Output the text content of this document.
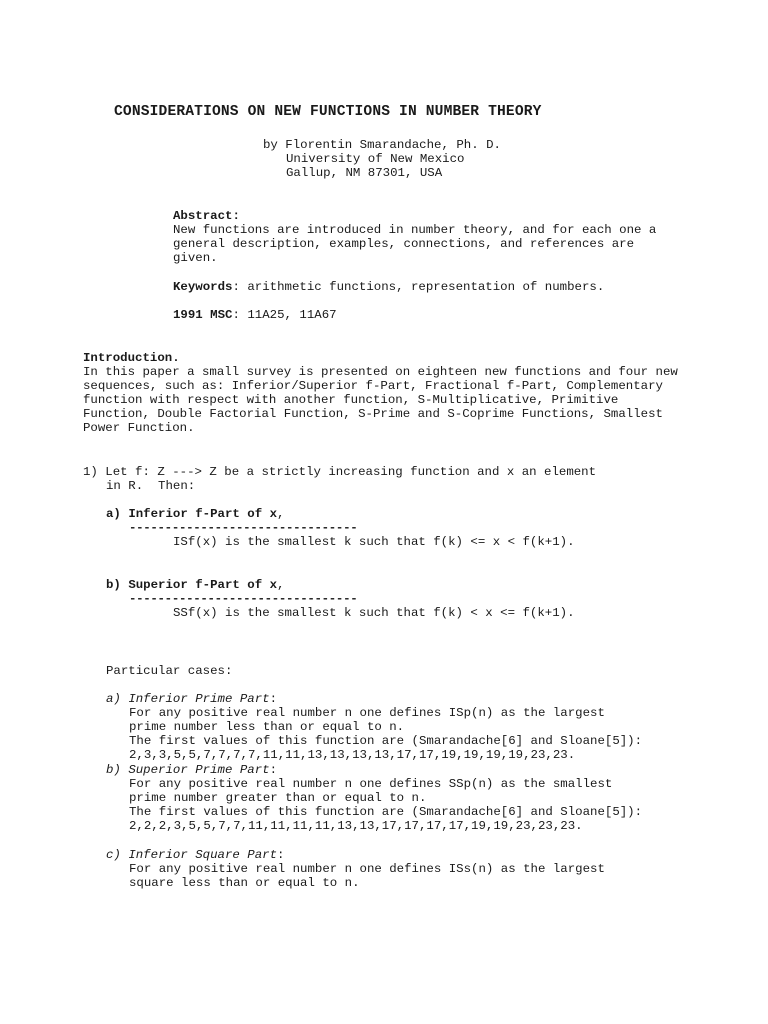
CONSIDERATIONS ON NEW FUNCTIONS IN NUMBER THEORY
by Florentin Smarandache, Ph. D.
University of New Mexico
Gallup, NM 87301, USA
Abstract:
New functions are introduced in number theory, and for each one a
general description, examples, connections, and references are
given.
Keywords: arithmetic functions, representation of numbers.
1991 MSC: 11A25, 11A67
Introduction.
In this paper a small survey is presented on eighteen new functions and four new
sequences, such as: Inferior/Superior f-Part, Fractional f-Part, Complementary
function with respect with another function, S-Multiplicative, Primitive
Function, Double Factorial Function, S-Prime and S-Coprime Functions, Smallest
Power Function.
1) Let f: Z ---> Z be a strictly increasing function and x an element
in R.  Then:
a) Inferior f-Part of x,
--------------------------------
ISf(x) is the smallest k such that f(k) <= x < f(k+1).
b) Superior f-Part of x,
--------------------------------
SSf(x) is the smallest k such that f(k) < x <= f(k+1).
Particular cases:
a) Inferior Prime Part:
For any positive real number n one defines ISp(n) as the largest
prime number less than or equal to n.
The first values of this function are (Smarandache[6] and Sloane[5]):
2,3,3,5,5,7,7,7,7,11,11,13,13,13,13,17,17,19,19,19,19,23,23.
b) Superior Prime Part:
For any positive real number n one defines SSp(n) as the smallest
prime number greater than or equal to n.
The first values of this function are (Smarandache[6] and Sloane[5]):
2,2,2,3,5,5,7,7,11,11,11,11,13,13,17,17,17,17,19,19,23,23,23.
c) Inferior Square Part:
For any positive real number n one defines ISs(n) as the largest
square less than or equal to n.
